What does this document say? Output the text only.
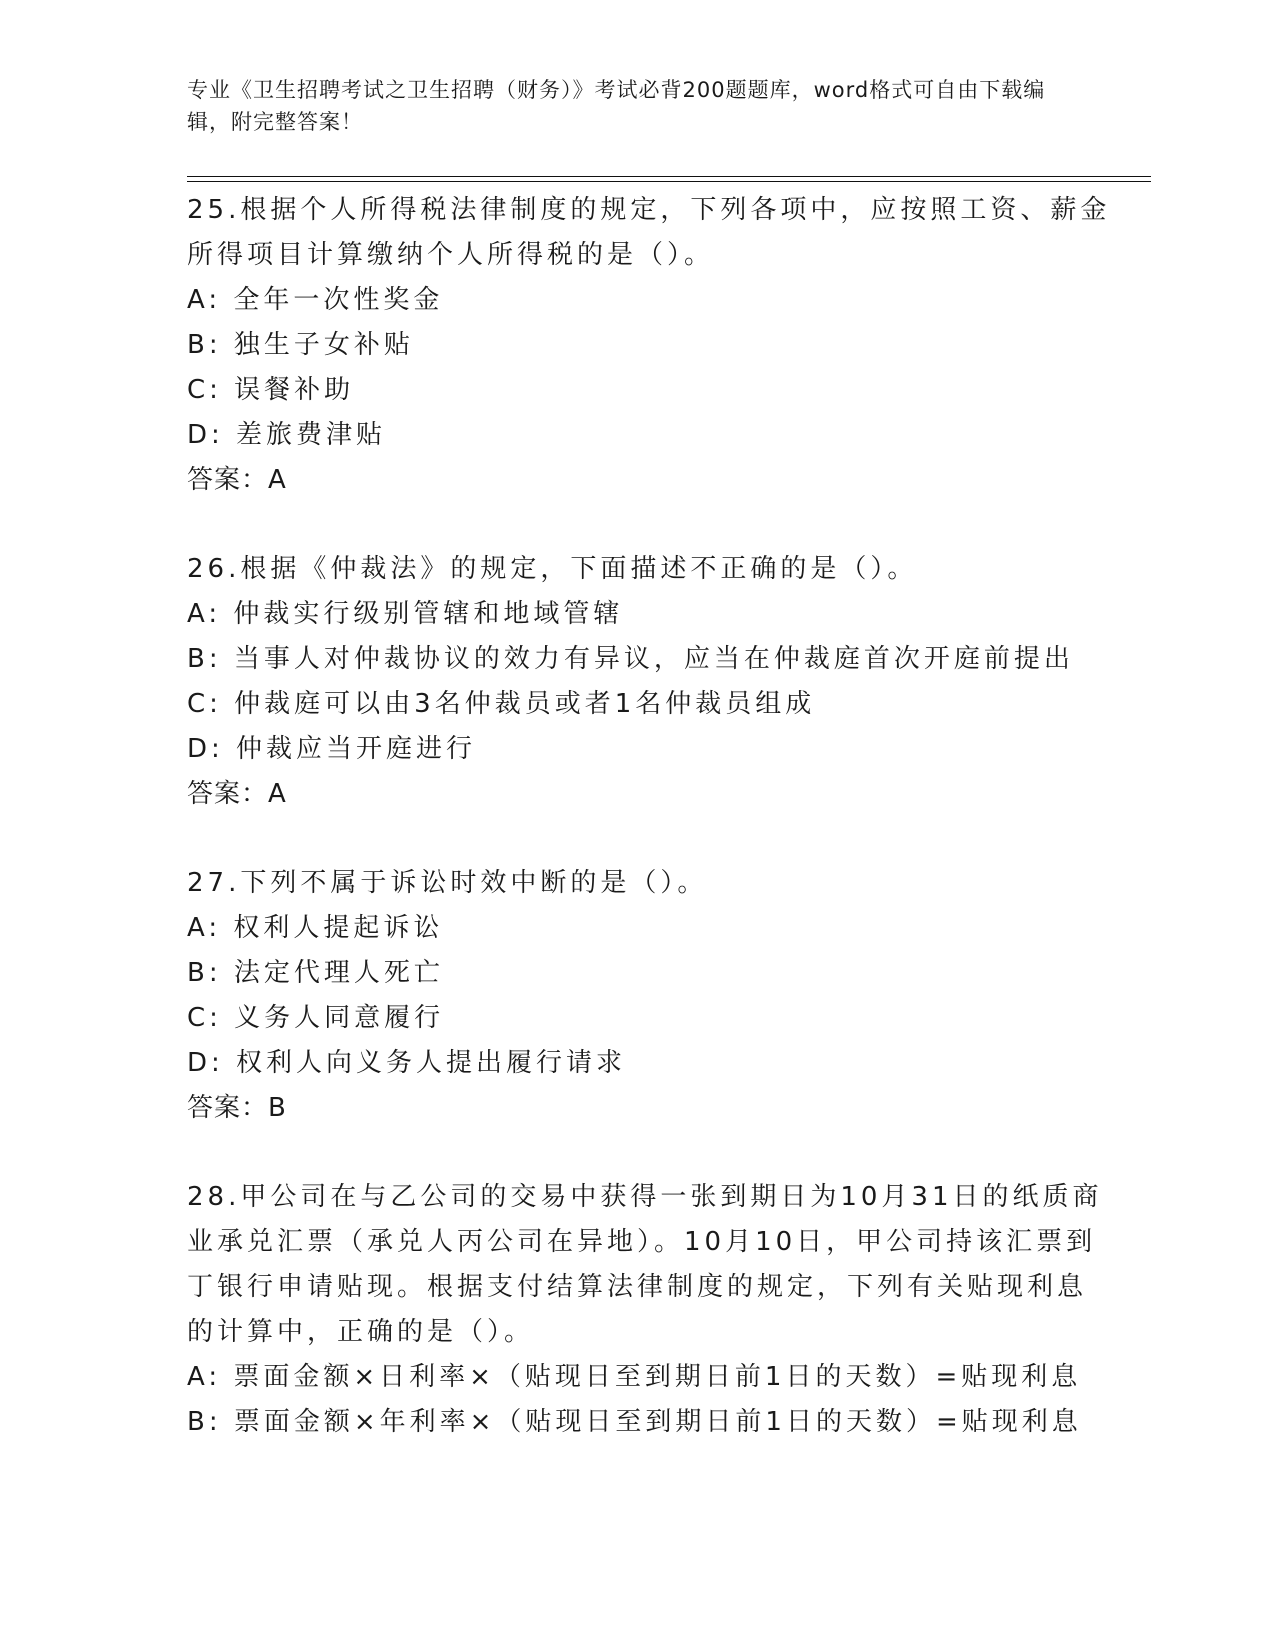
专业《卫生招聘考试之卫生招聘（财务）》考试必背200题题库，word格式可自由下载编辑，附完整答案！

25.根据个人所得税法律制度的规定，下列各项中，应按照工资、薪金

所得项目计算缴纳个人所得税的是（）。

A: 全年一次性奖金

B: 独生子女补贴

C: 误餐补助

D: 差旅费津贴

答案：A

26.根据《仲裁法》的规定，下面描述不正确的是（）。

A: 仲裁实行级别管辖和地域管辖

B: 当事人对仲裁协议的效力有异议，应当在仲裁庭首次开庭前提出

C: 仲裁庭可以由3名仲裁员或者1名仲裁员组成

D: 仲裁应当开庭进行

答案：A

27.下列不属于诉讼时效中断的是（）。

A: 权利人提起诉讼

B: 法定代理人死亡

C: 义务人同意履行

D: 权利人向义务人提出履行请求

答案：B

28.甲公司在与乙公司的交易中获得一张到期日为10月31日的纸质商

业承兑汇票（承兑人丙公司在异地）。10月10日，甲公司持该汇票到

丁银行申请贴现。根据支付结算法律制度的规定，下列有关贴现利息

的计算中，正确的是（）。

A: 票面金额×日利率×（贴现日至到期日前1日的天数）=贴现利息

B: 票面金额×年利率×（贴现日至到期日前1日的天数）=贴现利息
